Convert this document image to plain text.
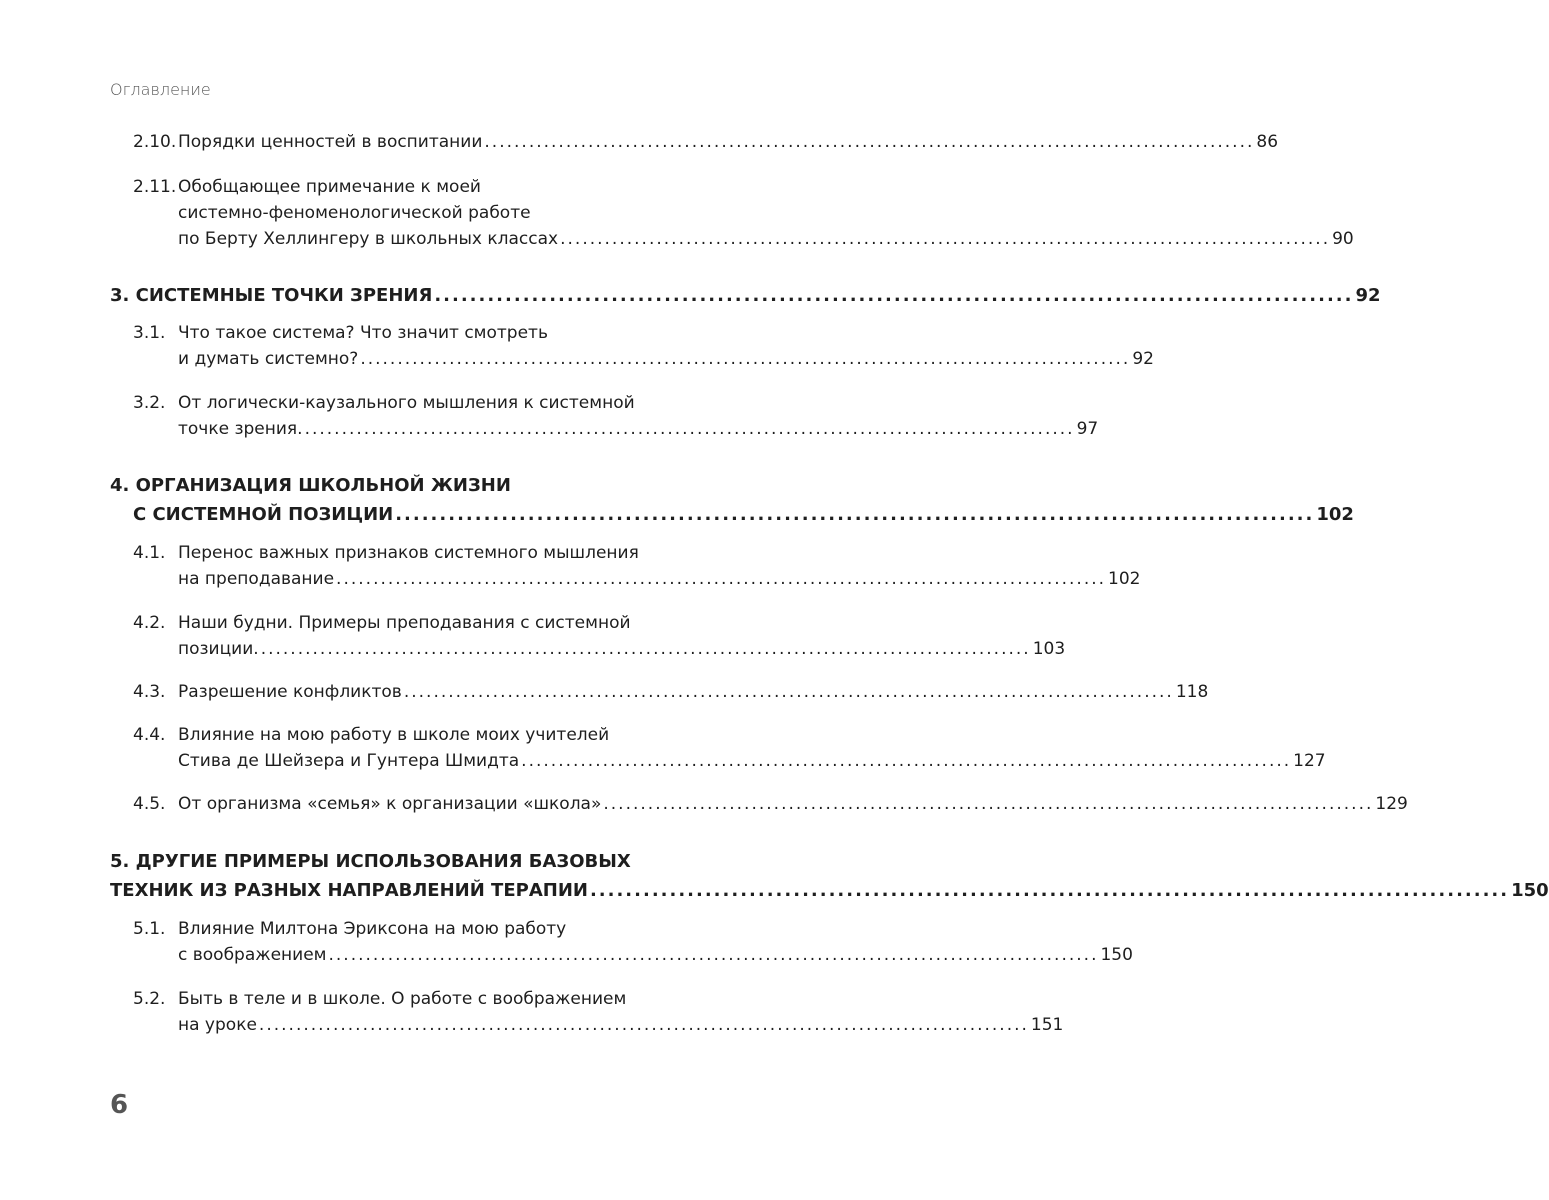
Оглавление
2.10. Порядки ценностей в воспитании ........................................................................................................ 86
2.11. Обобщающее примечание к моей
системно-феноменологической работе
по Берту Хеллингеру в школьных классах ........................................................................................................ 90
3. СИСТЕМНЫЕ ТОЧКИ ЗРЕНИЯ ........................................................................................................ 92
3.1. Что такое система? Что значит смотреть
и думать системно? ........................................................................................................ 92
3.2. От логически-каузального мышления к системной
точке зрения. ........................................................................................................ 97
4. ОРГАНИЗАЦИЯ ШКОЛЬНОЙ ЖИЗНИ
С СИСТЕМНОЙ ПОЗИЦИИ ........................................................................................................ 102
4.1. Перенос важных признаков системного мышления
на преподавание ........................................................................................................ 102
4.2. Наши будни. Примеры преподавания с системной
позиции. ........................................................................................................ 103
4.3. Разрешение конфликтов ........................................................................................................ 118
4.4. Влияние на мою работу в школе моих учителей
Стива де Шейзера и Гунтера Шмидта ........................................................................................................ 127
4.5. От организма «семья» к организации «школа» ........................................................................................................ 129
5. ДРУГИЕ ПРИМЕРЫ ИСПОЛЬЗОВАНИЯ БАЗОВЫХ
ТЕХНИК ИЗ РАЗНЫХ НАПРАВЛЕНИЙ ТЕРАПИИ ........................................................................................................ 150
5.1. Влияние Милтона Эриксона на мою работу
с воображением ........................................................................................................ 150
5.2. Быть в теле и в школе. О работе с воображением
на уроке ........................................................................................................ 151
6
